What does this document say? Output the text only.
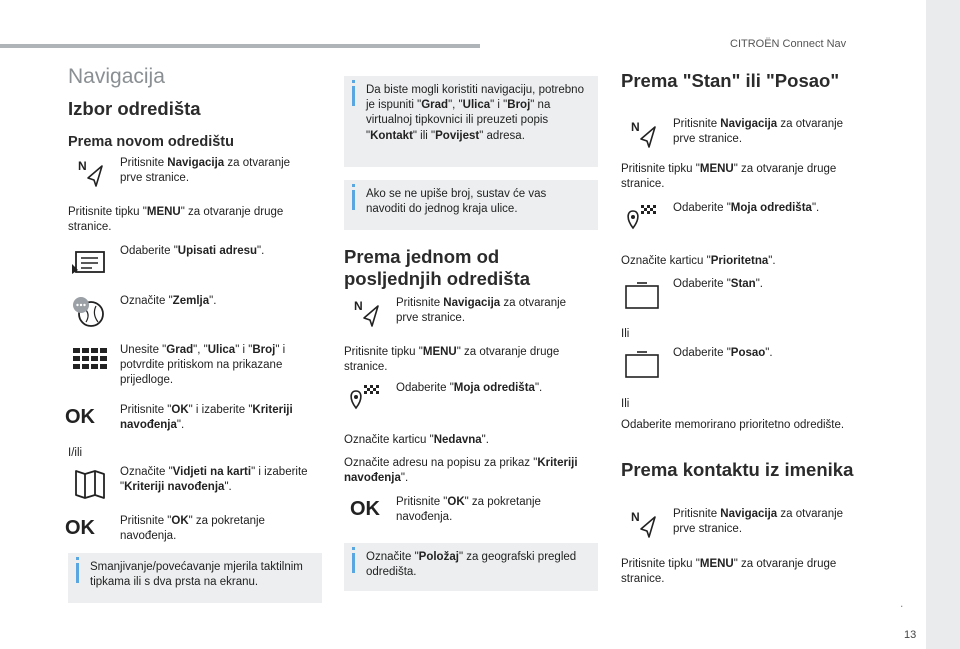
CITROËN Connect Nav
.
13
Navigacija
Izbor odredišta
Prema novom odredištu
N	Pritisnite Navigacija za otvaranje prve stranice.
Pritisnite tipku "MENU" za otvaranje druge stranice.
Odaberite "Upisati adresu".
Označite "Zemlja".
Unesite "Grad", "Ulica" i "Broj" i potvrdite pritiskom na prikazane prijedloge.
OK	Pritisnite "OK" i izaberite "Kriteriji navođenja".
I/ili
Označite "Vidjeti na karti" i izaberite "Kriteriji navođenja".
OK	Pritisnite "OK" za pokretanje navođenja.
Smanjivanje/povećavanje mjerila taktilnim tipkama ili s dva prsta na ekranu.
Da biste mogli koristiti navigaciju, potrebno je ispuniti "Grad", "Ulica" i "Broj" na virtualnoj tipkovnici ili preuzeti popis "Kontakt" ili "Povijest" adresa.
Ako se ne upiše broj, sustav će vas navoditi do jednog kraja ulice.
Prema jednom od posljednjih odredišta
N	Pritisnite Navigacija za otvaranje prve stranice.
Pritisnite tipku "MENU" za otvaranje druge stranice.
Odaberite "Moja odredišta".
Označite karticu "Nedavna".
Označite adresu na popisu za prikaz "Kriteriji navođenja".
OK	Pritisnite "OK" za pokretanje navođenja.
Označite "Položaj" za geografski pregled odredišta.
Prema "Stan" ili "Posao"
N	Pritisnite Navigacija za otvaranje prve stranice.
Pritisnite tipku "MENU" za otvaranje druge stranice.
Odaberite "Moja odredišta".
Označite karticu "Prioritetna".
Odaberite "Stan".
Ili
Odaberite "Posao".
Ili
Odaberite memorirano prioritetno odredište.
Prema kontaktu iz imenika
N	Pritisnite Navigacija za otvaranje prve stranice.
Pritisnite tipku "MENU" za otvaranje druge stranice.
